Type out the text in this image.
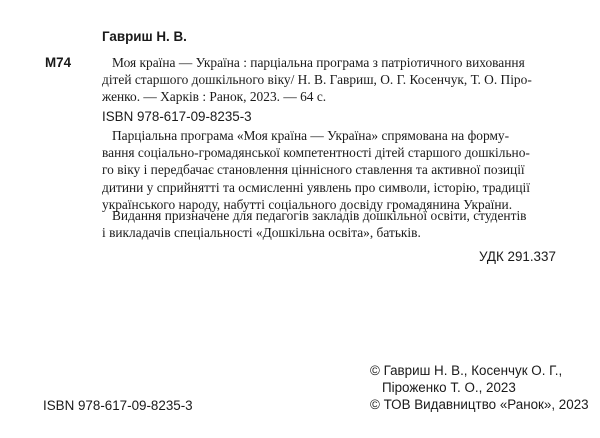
Гавриш Н. В.
М74	Моя країна — Україна : парціальна програма з патріотичного виховання
дітей старшого дошкільного віку/ Н. В. Гавриш, О. Г. Косенчук, Т. О. Піро-
женко. — Харків : Ранок, 2023. — 64 с.
ISBN 978-617-09-8235-3
Парціальна програма «Моя країна — Україна» спрямована на форму-
вання соціально-громадянської компетентності дітей старшого дошкільно-
го віку і передбачає становлення ціннісного ставлення та активної позиції
дитини у сприйнятті та осмисленні уявлень про символи, історію, традиції
українського народу, набутті соціального досвіду громадянина України.
Видання призначене для педагогів закладів дошкільної освіти, студентів
і викладачів спеціальності «Дошкільна освіта», батьків.
УДК 291.337
© Гавриш Н. В., Косенчук О. Г.,
Піроженко Т. О., 2023
© ТОВ Видавництво «Ранок», 2023
ISBN 978-617-09-8235-3
